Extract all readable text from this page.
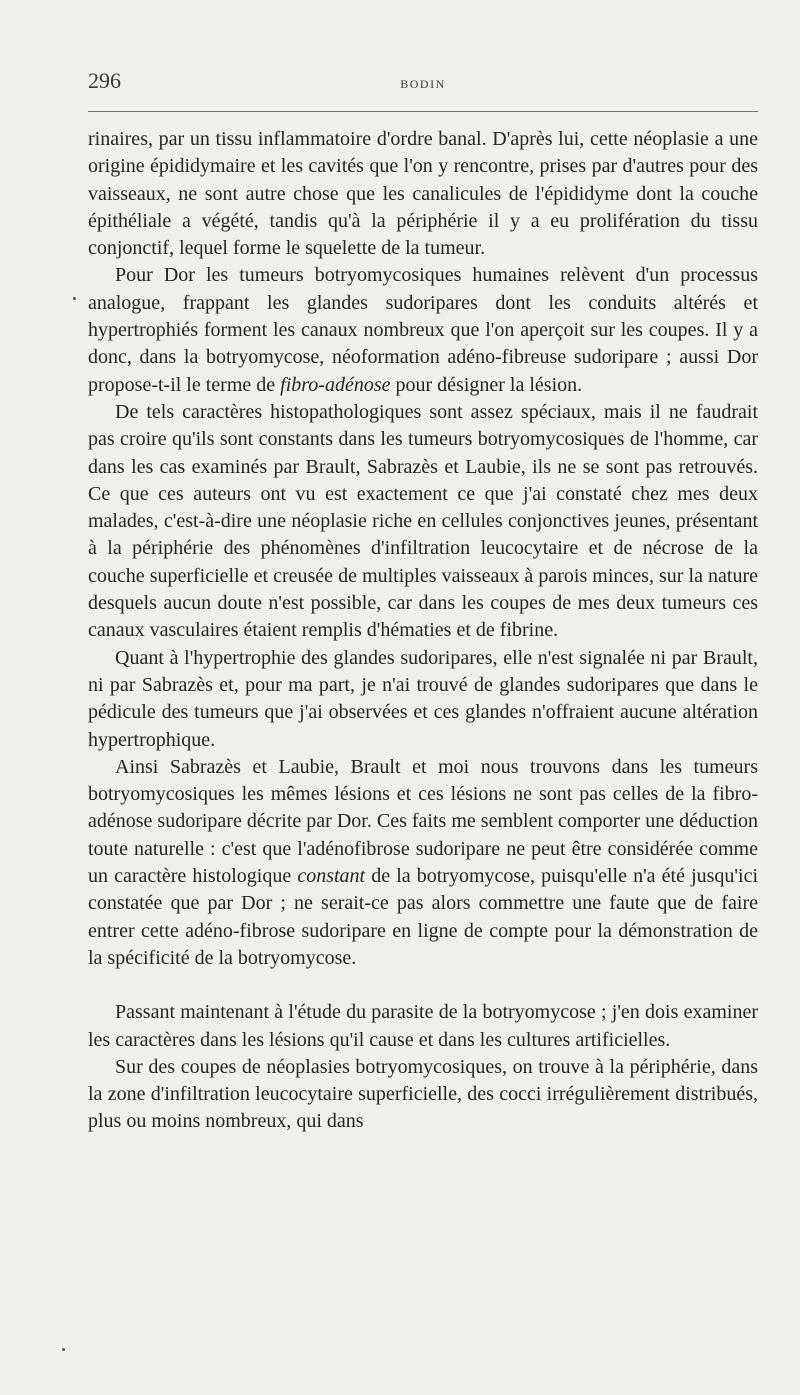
296	BODIN

rinaires, par un tissu inflammatoire d'ordre banal. D'après lui, cette néoplasie a une origine épididymaire et les cavités que l'on y rencontre, prises par d'autres pour des vaisseaux, ne sont autre chose que les canalicules de l'épididyme dont la couche épithéliale a végété, tandis qu'à la périphérie il y a eu prolifération du tissu conjonctif, lequel forme le squelette de la tumeur.

Pour Dor les tumeurs botryomycosiques humaines relèvent d'un processus analogue, frappant les glandes sudoripares dont les conduits altérés et hypertrophiés forment les canaux nombreux que l'on aperçoit sur les coupes. Il y a donc, dans la botryomycose, néoformation adéno-fibreuse sudoripare ; aussi Dor propose-t-il le terme de fibro-adénose pour désigner la lésion.

De tels caractères histopathologiques sont assez spéciaux, mais il ne faudrait pas croire qu'ils sont constants dans les tumeurs botryomycosiques de l'homme, car dans les cas examinés par Brault, Sabrazès et Laubie, ils ne se sont pas retrouvés. Ce que ces auteurs ont vu est exactement ce que j'ai constaté chez mes deux malades, c'est-à-dire une néoplasie riche en cellules conjonctives jeunes, présentant à la périphérie des phénomènes d'infiltration leucocytaire et de nécrose de la couche superficielle et creusée de multiples vaisseaux à parois minces, sur la nature desquels aucun doute n'est possible, car dans les coupes de mes deux tumeurs ces canaux vasculaires étaient remplis d'hématies et de fibrine.

Quant à l'hypertrophie des glandes sudoripares, elle n'est signalée ni par Brault, ni par Sabrazès et, pour ma part, je n'ai trouvé de glandes sudoripares que dans le pédicule des tumeurs que j'ai observées et ces glandes n'offraient aucune altération hypertrophique.

Ainsi Sabrazès et Laubie, Brault et moi nous trouvons dans les tumeurs botryomycosiques les mêmes lésions et ces lésions ne sont pas celles de la fibro-adénose sudoripare décrite par Dor. Ces faits me semblent comporter une déduction toute naturelle : c'est que l'adénofibrose sudoripare ne peut être considérée comme un caractère histologique constant de la botryomycose, puisqu'elle n'a été jusqu'ici constatée que par Dor ; ne serait-ce pas alors commettre une faute que de faire entrer cette adéno-fibrose sudoripare en ligne de compte pour la démonstration de la spécificité de la botryomycose.

Passant maintenant à l'étude du parasite de la botryomycose ; j'en dois examiner les caractères dans les lésions qu'il cause et dans les cultures artificielles.

Sur des coupes de néoplasies botryomycosiques, on trouve à la périphérie, dans la zone d'infiltration leucocytaire superficielle, des cocci irrégulièrement distribués, plus ou moins nombreux, qui dans
